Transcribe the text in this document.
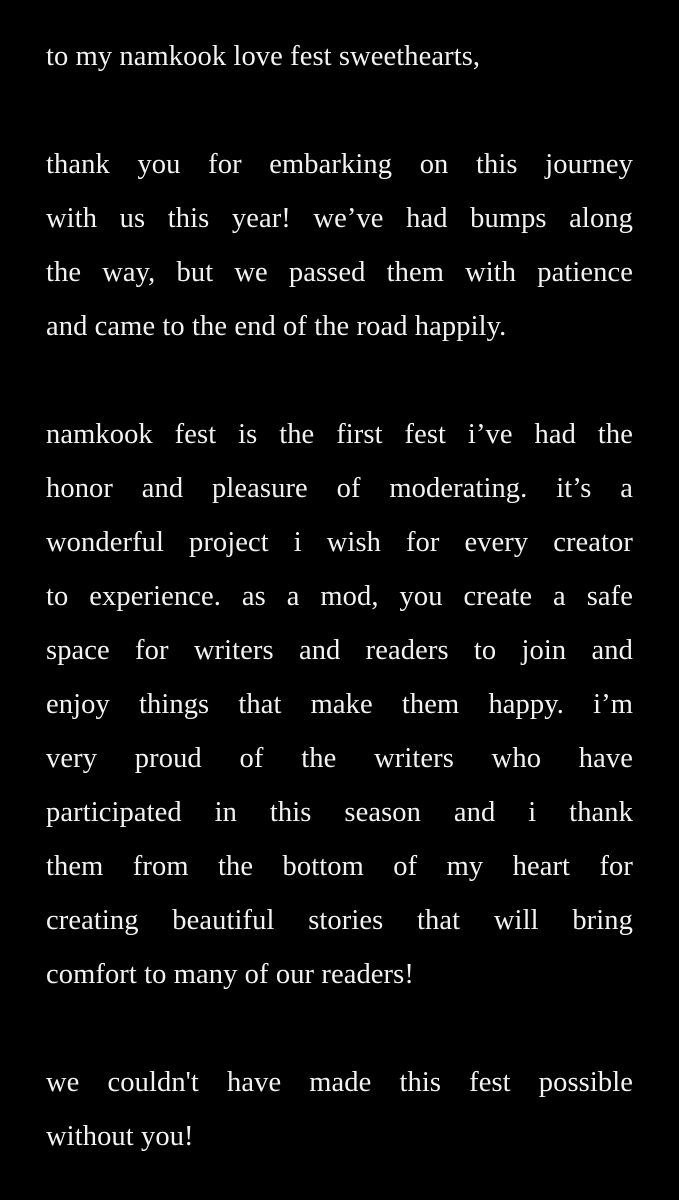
to my namkook love fest sweethearts,
thank you for embarking on this journey
with us this year! we’ve had bumps along
the way, but we passed them with patience
and came to the end of the road happily.
namkook fest is the first fest i’ve had the
honor and pleasure of moderating. it’s a
wonderful project i wish for every creator
to experience. as a mod, you create a safe
space for writers and readers to join and
enjoy things that make them happy. i’m
very proud of the writers who have
participated in this season and i thank
them from the bottom of my heart for
creating beautiful stories that will bring
comfort to many of our readers!
we couldn't have made this fest possible
without you!
